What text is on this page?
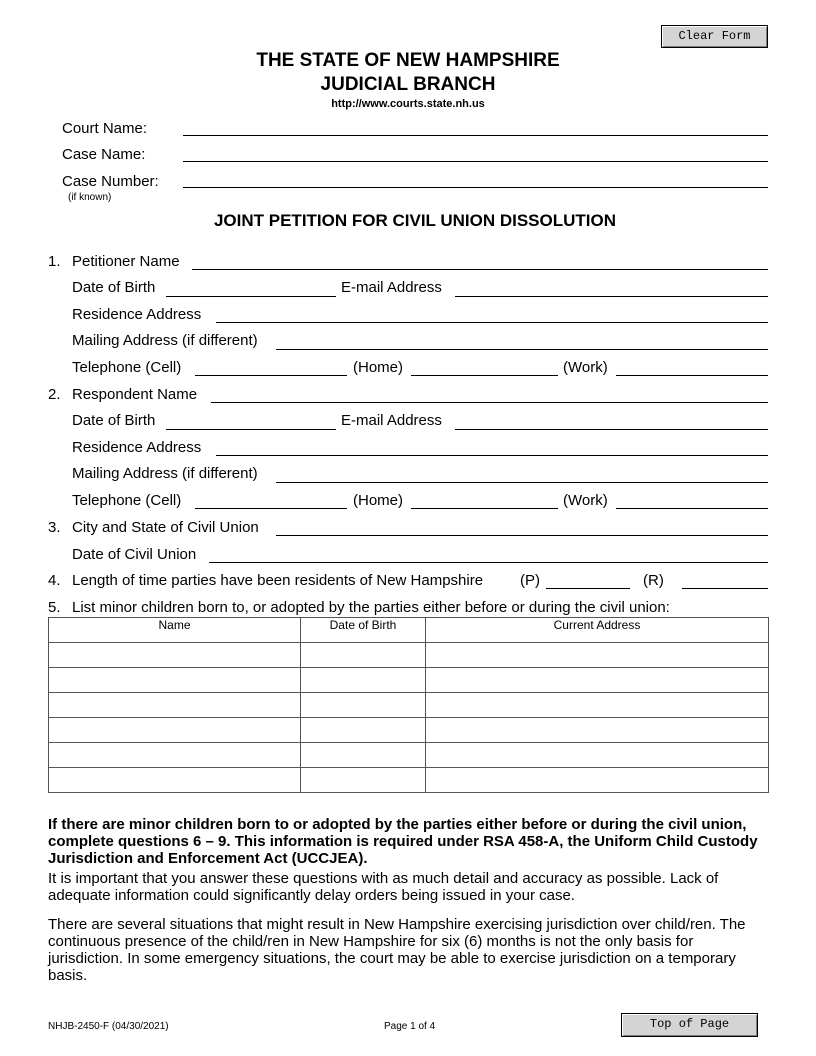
Clear Form
THE STATE OF NEW HAMPSHIRE
JUDICIAL BRANCH
http://www.courts.state.nh.us
Court Name:
Case Name:
Case Number:
(if known)
JOINT PETITION FOR CIVIL UNION DISSOLUTION
1. Petitioner Name
Date of Birth	E-mail Address
Residence Address
Mailing Address (if different)
Telephone (Cell)	(Home)	(Work)
2. Respondent Name
Date of Birth	E-mail Address
Residence Address
Mailing Address (if different)
Telephone (Cell)	(Home)	(Work)
3. City and State of Civil Union
Date of Civil Union
4. Length of time parties have been residents of New Hampshire (P)	(R)
5. List minor children born to, or adopted by the parties either before or during the civil union:
Name	Date of Birth	Current Address

If there are minor children born to or adopted by the parties either before or during the civil union, complete questions 6 – 9. This information is required under RSA 458-A, the Uniform Child Custody Jurisdiction and Enforcement Act (UCCJEA).
It is important that you answer these questions with as much detail and accuracy as possible. Lack of adequate information could significantly delay orders being issued in your case.
There are several situations that might result in New Hampshire exercising jurisdiction over child/ren. The continuous presence of the child/ren in New Hampshire for six (6) months is not the only basis for jurisdiction. In some emergency situations, the court may be able to exercise jurisdiction on a temporary basis.
NHJB-2450-F (04/30/2021)	Page 1 of 4	Top of Page
